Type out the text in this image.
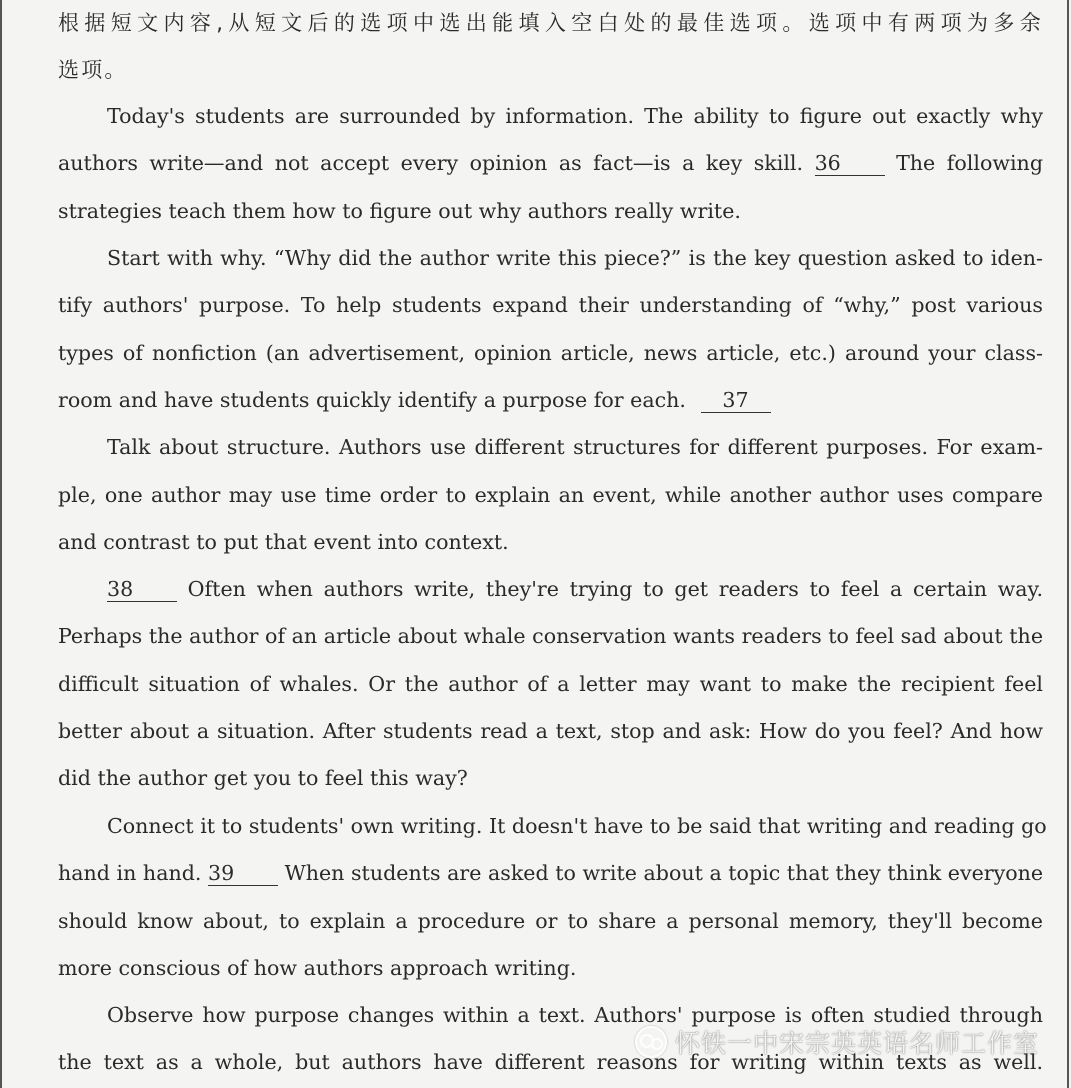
根据短文内容,从短文后的选项中选出能填入空白处的最佳选项。选项中有两项为多余
选项。
Today's students are surrounded by information. The ability to figure out exactly why
authors write—and not accept every opinion as fact—is a key skill. 36	The following
strategies teach them how to figure out why authors really write.
Start with why. “Why did the author write this piece?” is the key question asked to iden-
tify authors' purpose. To help students expand their understanding of “why,” post various
types of nonfiction (an advertisement, opinion article, news article, etc.) around your class-
room and have students quickly identify a purpose for each. 37
Talk about structure. Authors use different structures for different purposes. For exam-
ple, one author may use time order to explain an event, while another author uses compare
and contrast to put that event into context.
38	Often when authors write, they're trying to get readers to feel a certain way.
Perhaps the author of an article about whale conservation wants readers to feel sad about the
difficult situation of whales. Or the author of a letter may want to make the recipient feel
better about a situation. After students read a text, stop and ask: How do you feel? And how
did the author get you to feel this way?
Connect it to students' own writing. It doesn't have to be said that writing and reading go
hand in hand. 39 When students are asked to write about a topic that they think everyone
should know about, to explain a procedure or to share a personal memory, they'll become
more conscious of how authors approach writing.
Observe how purpose changes within a text. Authors' purpose is often studied through
the text as a whole, but authors have different reasons for writing within texts as well.
怀铁一中宋宗英英语名师工作室
